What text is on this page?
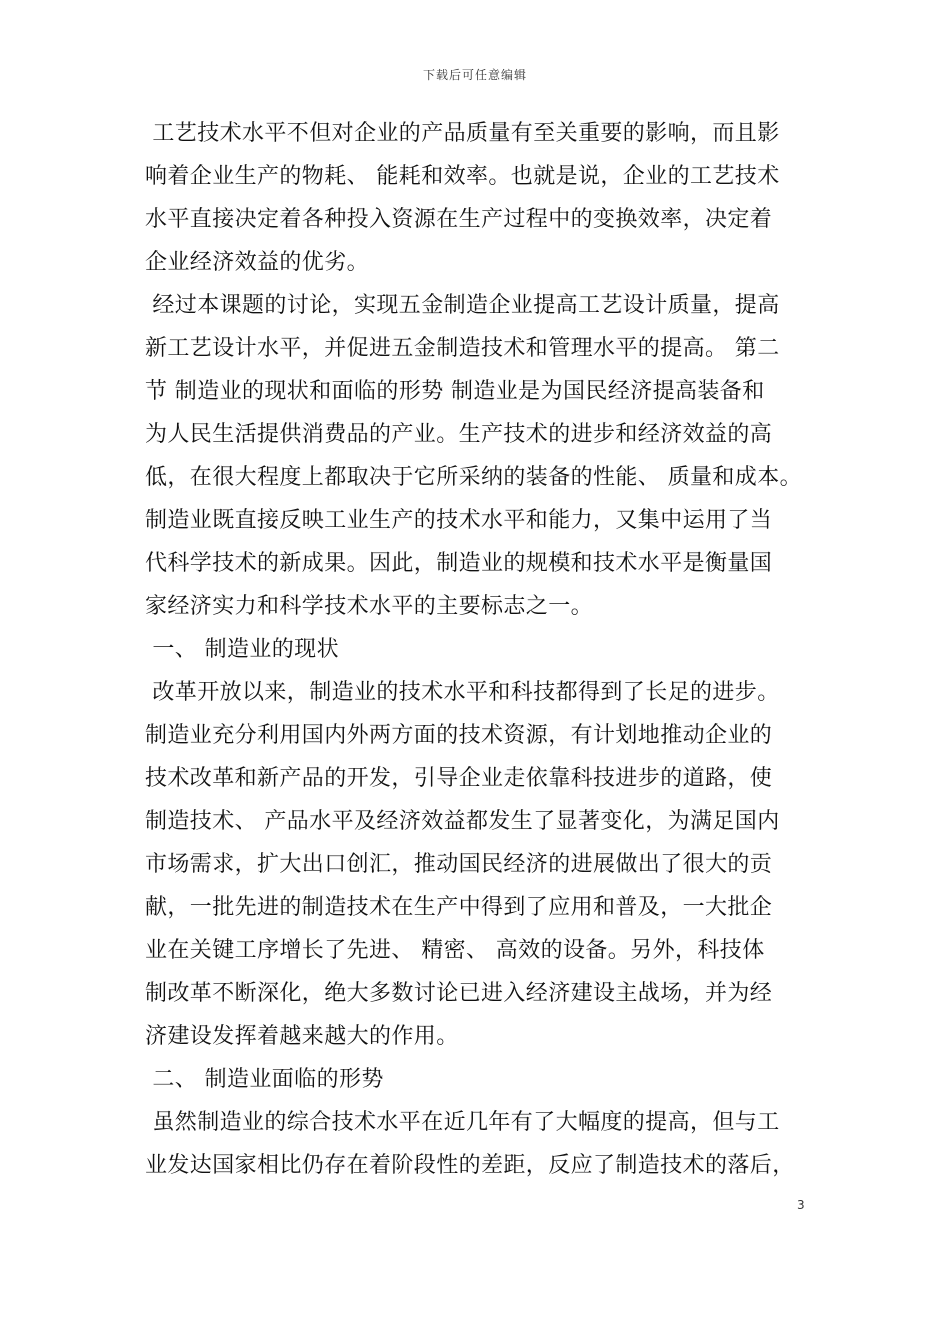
下载后可任意编辑
工艺技术水平不但对企业的产品质量有至关重要的影响，而且影
响着企业生产的物耗、 能耗和效率。也就是说，企业的工艺技术
水平直接决定着各种投入资源在生产过程中的变换效率，决定着
企业经济效益的优劣。
经过本课题的讨论，实现五金制造企业提高工艺设计质量，提高
新工艺设计水平，并促进五金制造技术和管理水平的提高。 第二
节 制造业的现状和面临的形势 制造业是为国民经济提高装备和
为人民生活提供消费品的产业。生产技术的进步和经济效益的高
低，在很大程度上都取决于它所采纳的装备的性能、 质量和成本。
制造业既直接反映工业生产的技术水平和能力，又集中运用了当
代科学技术的新成果。因此，制造业的规模和技术水平是衡量国
家经济实力和科学技术水平的主要标志之一。
一、 制造业的现状
改革开放以来，制造业的技术水平和科技都得到了长足的进步。
制造业充分利用国内外两方面的技术资源，有计划地推动企业的
技术改革和新产品的开发，引导企业走依靠科技进步的道路，使
制造技术、 产品水平及经济效益都发生了显著变化，为满足国内
市场需求，扩大出口创汇，推动国民经济的进展做出了很大的贡
献，一批先进的制造技术在生产中得到了应用和普及，一大批企
业在关键工序增长了先进、 精密、 高效的设备。另外，科技体
制改革不断深化，绝大多数讨论已进入经济建设主战场，并为经
济建设发挥着越来越大的作用。
二、 制造业面临的形势
虽然制造业的综合技术水平在近几年有了大幅度的提高，但与工
业发达国家相比仍存在着阶段性的差距，反应了制造技术的落后，
3
